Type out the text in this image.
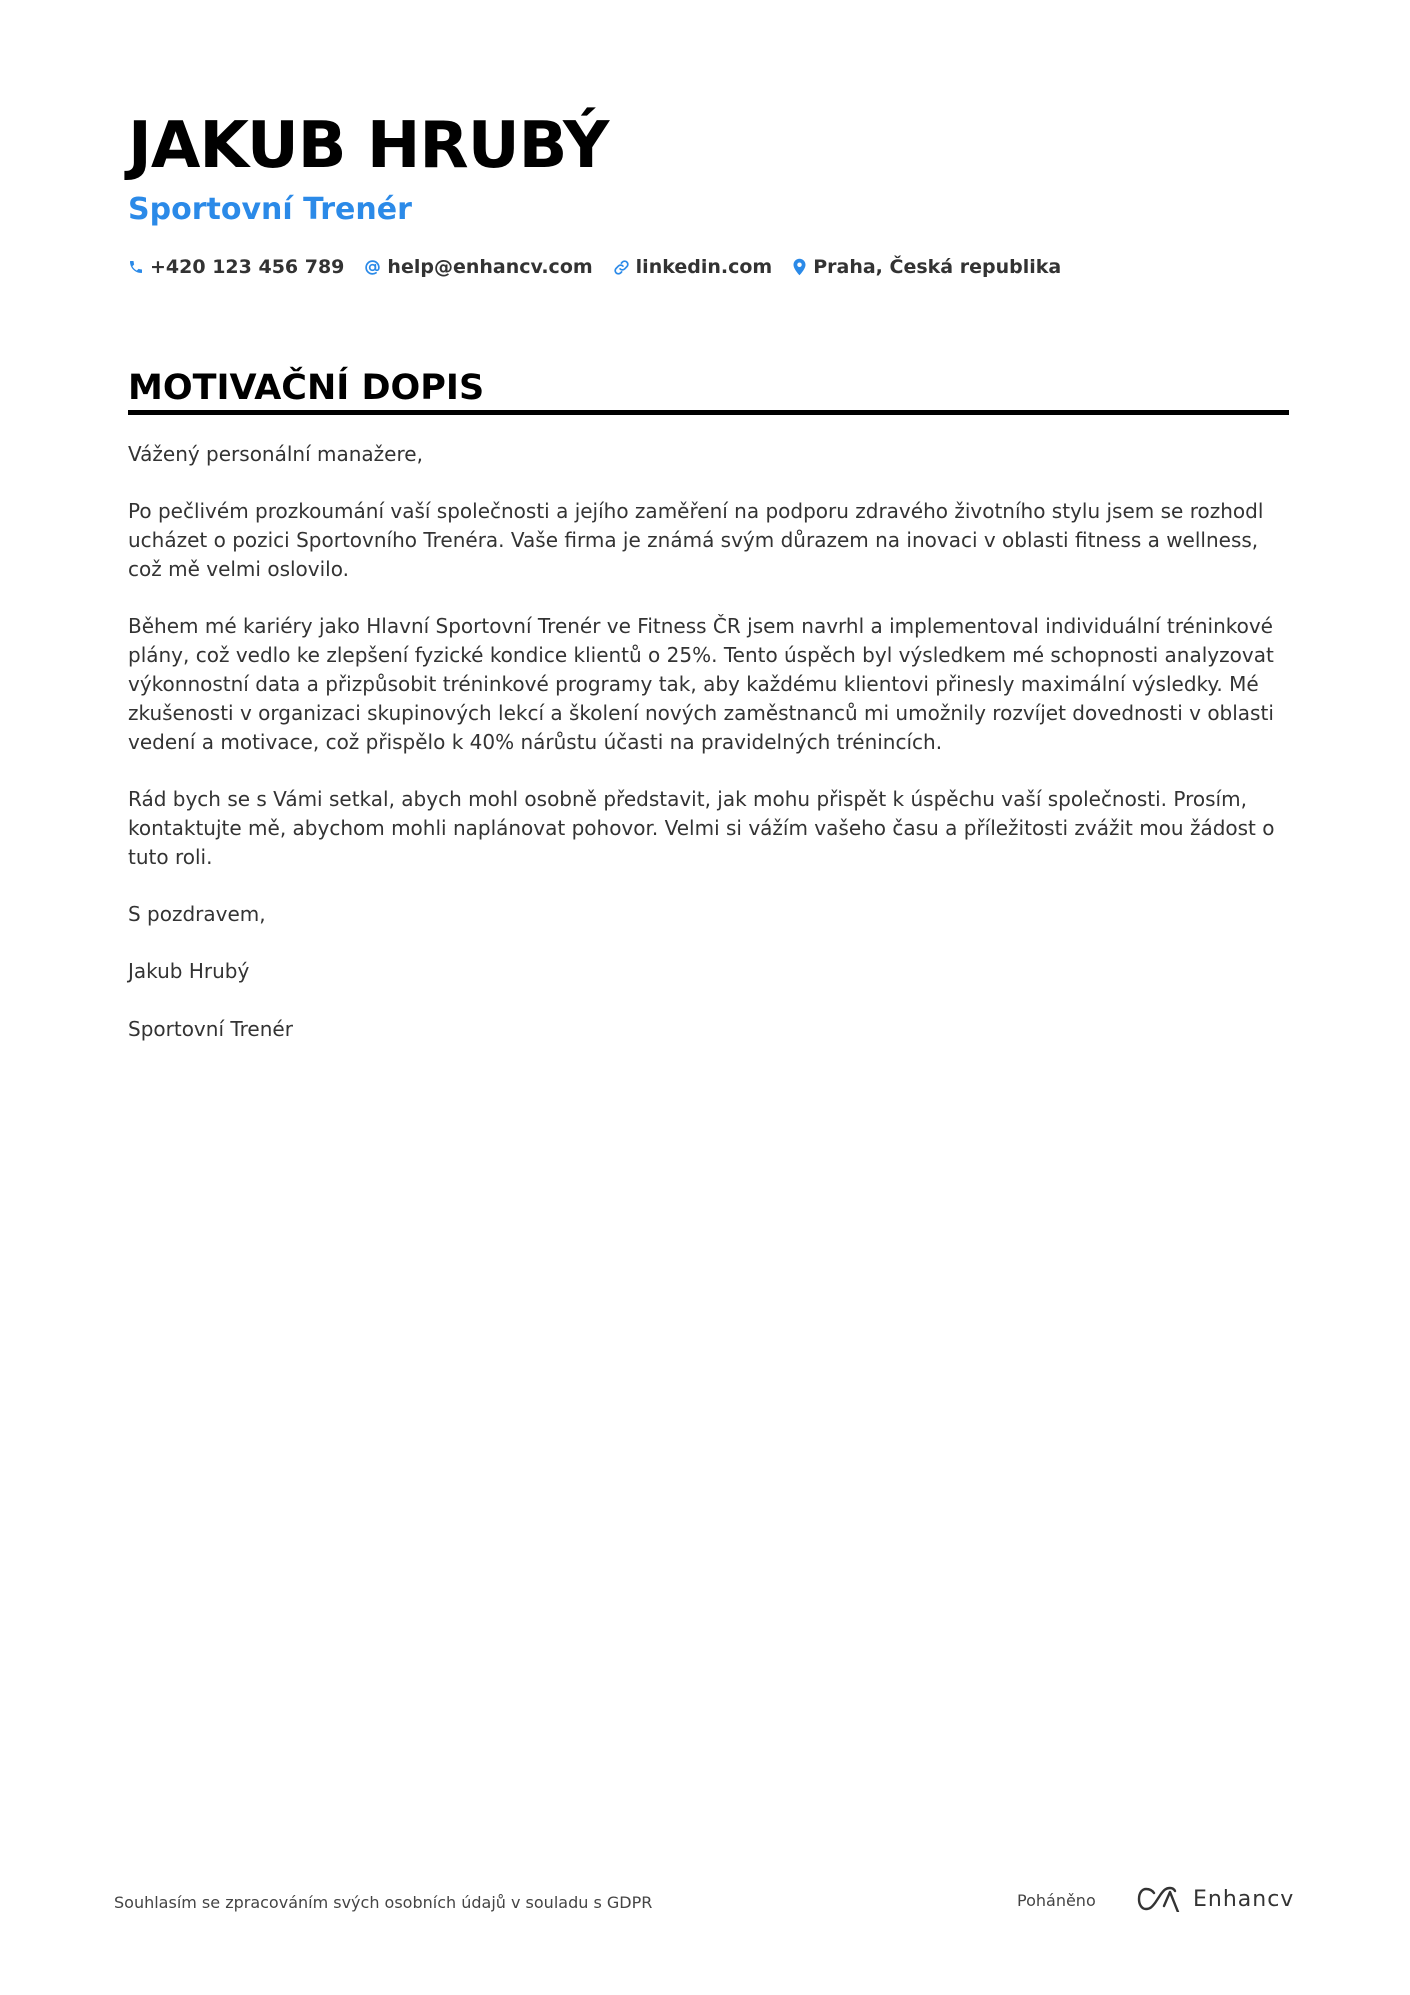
JAKUB HRUBÝ
Sportovní Trenér
+420 123 456 789 help@enhancv.com linkedin.com Praha, Česká republika
MOTIVAČNÍ DOPIS

Vážený personální manažere,

Po pečlivém prozkoumání vaší společnosti a jejího zaměření na podporu zdravého životního stylu jsem se rozhodl ucházet o pozici Sportovního Trenéra. Vaše firma je známá svým důrazem na inovaci v oblasti fitness a wellness, což mě velmi oslovilo.

Během mé kariéry jako Hlavní Sportovní Trenér ve Fitness ČR jsem navrhl a implementoval individuální tréninkové plány, což vedlo ke zlepšení fyzické kondice klientů o 25%. Tento úspěch byl výsledkem mé schopnosti analyzovat výkonnostní data a přizpůsobit tréninkové programy tak, aby každému klientovi přinesly maximální výsledky. Mé zkušenosti v organizaci skupinových lekcí a školení nových zaměstnanců mi umožnily rozvíjet dovednosti v oblasti vedení a motivace, což přispělo k 40% nárůstu účasti na pravidelných trénincích.

Rád bych se s Vámi setkal, abych mohl osobně představit, jak mohu přispět k úspěchu vaší společnosti. Prosím, kontaktujte mě, abychom mohli naplánovat pohovor. Velmi si vážím vašeho času a příležitosti zvážit mou žádost o tuto roli.

S pozdravem,

Jakub Hrubý

Sportovní Trenér

Souhlasím se zpracováním svých osobních údajů v souladu s GDPR	Poháněno	Enhancv
